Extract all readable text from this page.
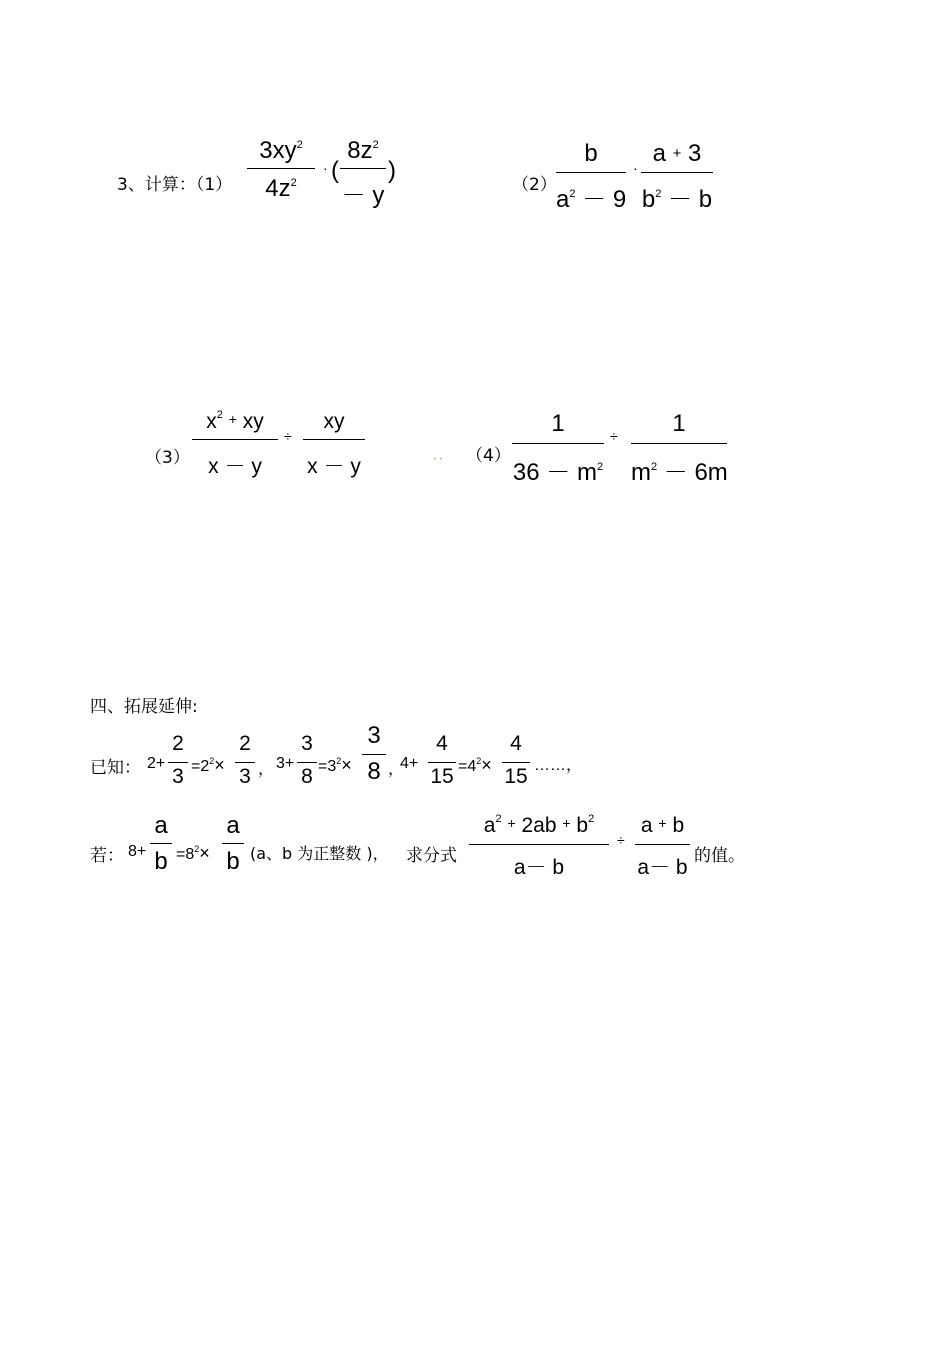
3、计算：（1）
$3xy^2$
$4z^2$
· (
$8z^2$
－ y
)
（2）
b
$a^2 - 9$
·
a + 3
$b^2 - b$
（3）
$x^2$ + xy
x － y
÷
xy
x － y	．． （4）
1
$36 - m^2$
÷	1
$m^2 - 6m$
四、拓展延伸:
已知： 2+
2
$3 =2^2\times$
2
3 ， 3+
3
$8 =3^2\times$
3
8 ，
4+
4
$15 =4^2\times$
4
15 ……，
若： 8+
a
$b =8^2\times$
a
b (a、b 为正整数 )， 求分式
$a^2 + 2ab + b^2$
a－ b
÷
a + b
a－ b 的值。
